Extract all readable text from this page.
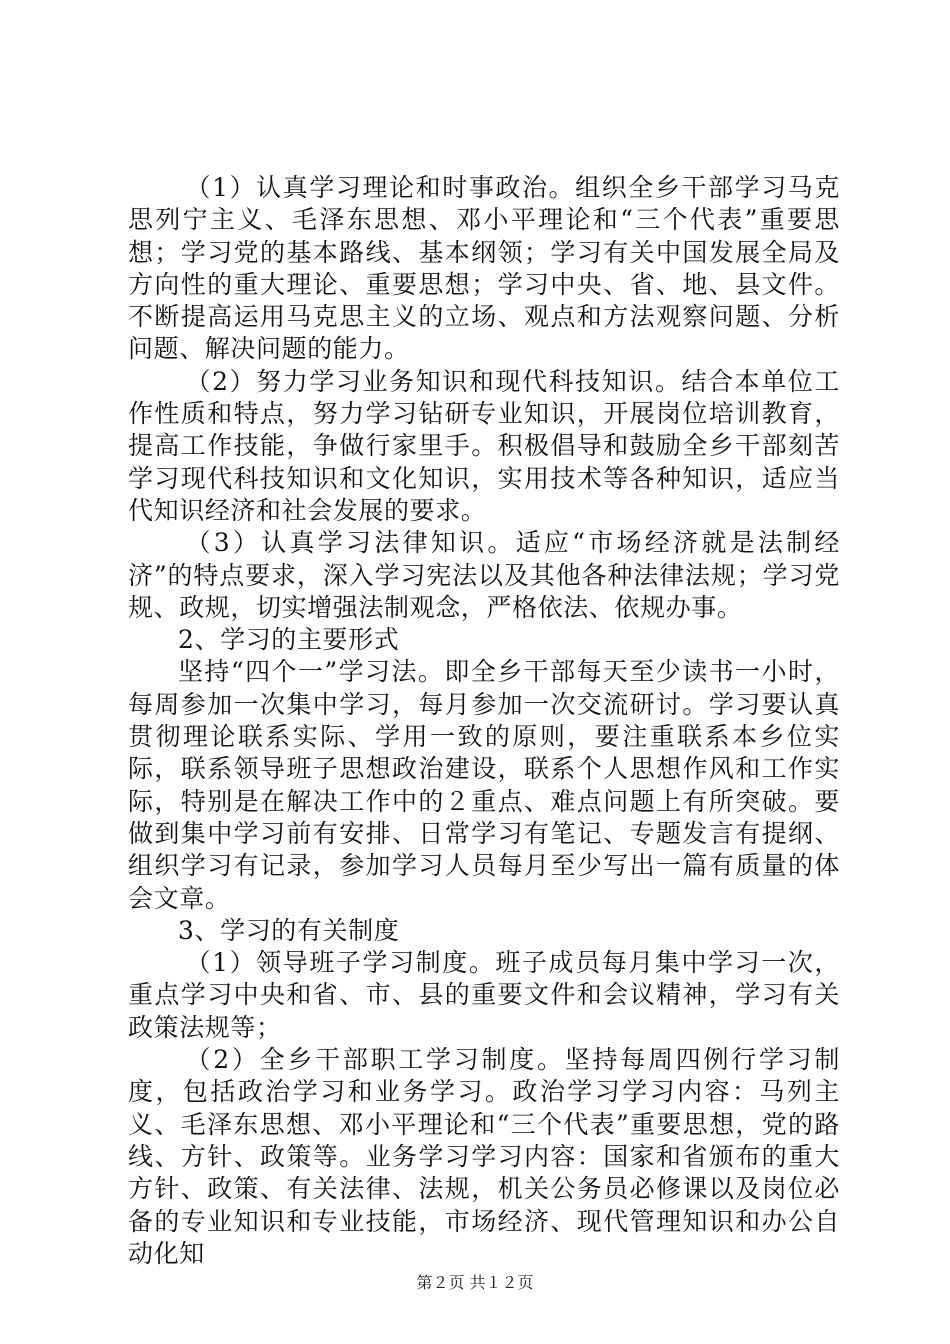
（1）认真学习理论和时事政治。组织全乡干部学习马克思列宁主义、毛泽东思想、邓小平理论和“三个代表”重要思想；学习党的基本路线、基本纲领；学习有关中国发展全局及方向性的重大理论、重要思想；学习中央、省、地、县文件。不断提高运用马克思主义的立场、观点和方法观察问题、分析问题、解决问题的能力。

（2）努力学习业务知识和现代科技知识。结合本单位工作性质和特点，努力学习钻研专业知识，开展岗位培训教育，提高工作技能，争做行家里手。积极倡导和鼓励全乡干部刻苦学习现代科技知识和文化知识，实用技术等各种知识，适应当代知识经济和社会发展的要求。

（3）认真学习法律知识。适应“市场经济就是法制经济”的特点要求，深入学习宪法以及其他各种法律法规；学习党规、政规，切实增强法制观念，严格依法、依规办事。

2、学习的主要形式

坚持“四个一”学习法。即全乡干部每天至少读书一小时，每周参加一次集中学习，每月参加一次交流研讨。学习要认真贯彻理论联系实际、学用一致的原则，要注重联系本乡位实际，联系领导班子思想政治建设，联系个人思想作风和工作实际，特别是在解决工作中的２重点、难点问题上有所突破。要做到集中学习前有安排、日常学习有笔记、专题发言有提纲、组织学习有记录，参加学习人员每月至少写出一篇有质量的体会文章。

3、学习的有关制度

（1）领导班子学习制度。班子成员每月集中学习一次，重点学习中央和省、市、县的重要文件和会议精神，学习有关政策法规等；

（2）全乡干部职工学习制度。坚持每周四例行学习制度，包括政治学习和业务学习。政治学习学习内容：马列主义、毛泽东思想、邓小平理论和“三个代表”重要思想，党的路线、方针、政策等。业务学习学习内容：国家和省颁布的重大方针、政策、有关法律、法规，机关公务员必修课以及岗位必备的专业知识和专业技能，市场经济、现代管理知识和办公自动化知

第２页 共１２页
